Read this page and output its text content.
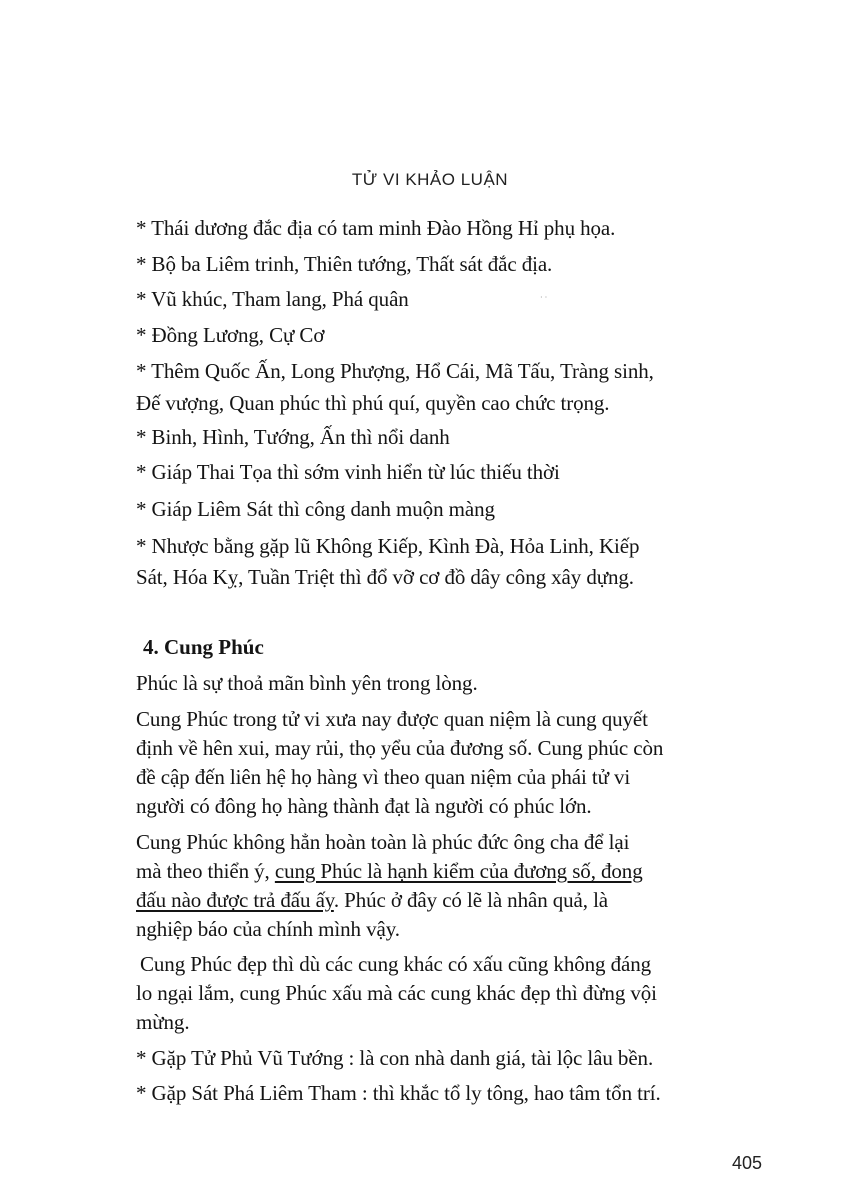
TỬ VI KHẢO LUẬN
* Thái dương đắc địa có tam minh Đào Hồng Hỉ phụ họa.
* Bộ ba Liêm trinh, Thiên tướng, Thất sát đắc địa.
* Vũ khúc, Tham lang, Phá quân	· ·
* Đồng Lương, Cự Cơ
* Thêm Quốc Ấn, Long Phượng, Hổ Cái, Mã Tấu, Tràng sinh,
Đế vượng, Quan phúc thì phú quí, quyền cao chức trọng.
* Binh, Hình, Tướng, Ấn thì nổi danh
* Giáp Thai Tọa thì sớm vinh hiển từ lúc thiếu thời
* Giáp Liêm Sát thì công danh muộn màng
* Nhược bằng gặp lũ Không Kiếp, Kình Đà, Hỏa Linh, Kiếp
Sát, Hóa Kỵ, Tuần Triệt thì đổ vỡ cơ đồ dây công xây dựng.
4. Cung Phúc
Phúc là sự thoả mãn bình yên trong lòng.
Cung Phúc trong tử vi xưa nay được quan niệm là cung quyết
định về hên xui, may rủi, thọ yểu của đương số. Cung phúc còn
đề cập đến liên hệ họ hàng vì theo quan niệm của phái tử vi
người có đông họ hàng thành đạt là người có phúc lớn.
Cung Phúc không hẳn hoàn toàn là phúc đức ông cha để lại
mà theo thiển ý, cung Phúc là hạnh kiểm của đương số, đong
đấu nào được trả đấu ấy. Phúc ở đây có lẽ là nhân quả, là
nghiệp báo của chính mình vậy.
Cung Phúc đẹp thì dù các cung khác có xấu cũng không đáng
lo ngại lắm, cung Phúc xấu mà các cung khác đẹp thì đừng vội
mừng.
* Gặp Tử Phủ Vũ Tướng : là con nhà danh giá, tài lộc lâu bền.
* Gặp Sát Phá Liêm Tham : thì khắc tổ ly tông, hao tâm tổn trí.
405
